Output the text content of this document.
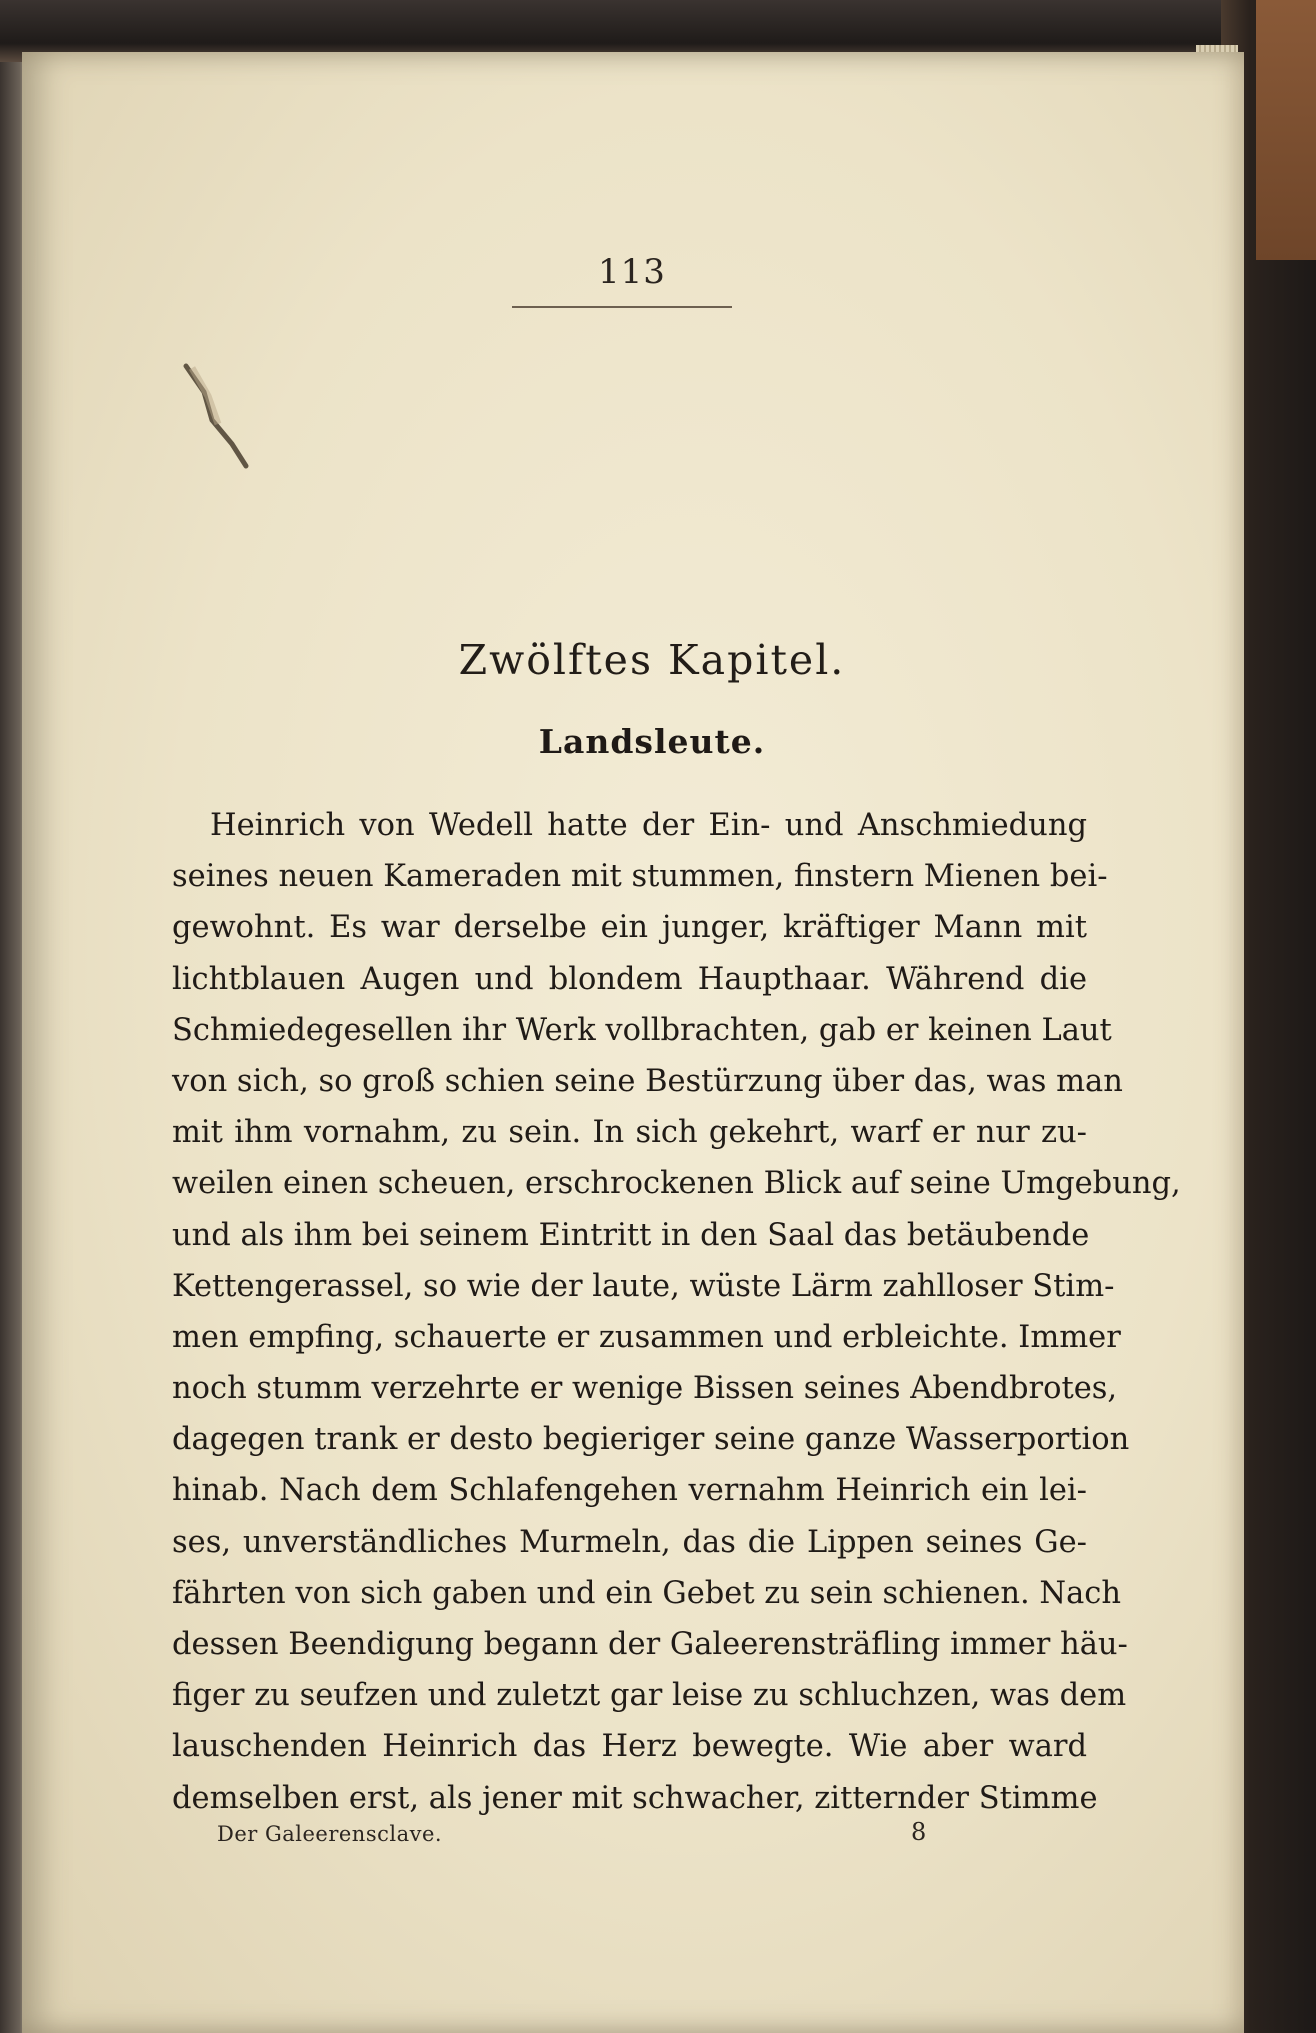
113
Zwölftes Kapitel.
Landsleute.
Heinrich von Wedell hatte der Ein- und Anschmiedung
seines neuen Kameraden mit stummen, finstern Mienen bei-
gewohnt. Es war derselbe ein junger, kräftiger Mann mit
lichtblauen Augen und blondem Haupthaar. Während die
Schmiedegesellen ihr Werk vollbrachten, gab er keinen Laut
von sich, so groß schien seine Bestürzung über das, was man
mit ihm vornahm, zu sein. In sich gekehrt, warf er nur zu-
weilen einen scheuen, erschrockenen Blick auf seine Umgebung,
und als ihm bei seinem Eintritt in den Saal das betäubende
Kettengerassel, so wie der laute, wüste Lärm zahlloser Stim-
men empfing, schauerte er zusammen und erbleichte. Immer
noch stumm verzehrte er wenige Bissen seines Abendbrotes,
dagegen trank er desto begieriger seine ganze Wasserportion
hinab. Nach dem Schlafengehen vernahm Heinrich ein lei-
ses, unverständliches Murmeln, das die Lippen seines Ge-
fährten von sich gaben und ein Gebet zu sein schienen. Nach
dessen Beendigung begann der Galeerensträfling immer häu-
figer zu seufzen und zuletzt gar leise zu schluchzen, was dem
lauschenden Heinrich das Herz bewegte. Wie aber ward
demselben erst, als jener mit schwacher, zitternder Stimme
Der Galeerensclave.	8
